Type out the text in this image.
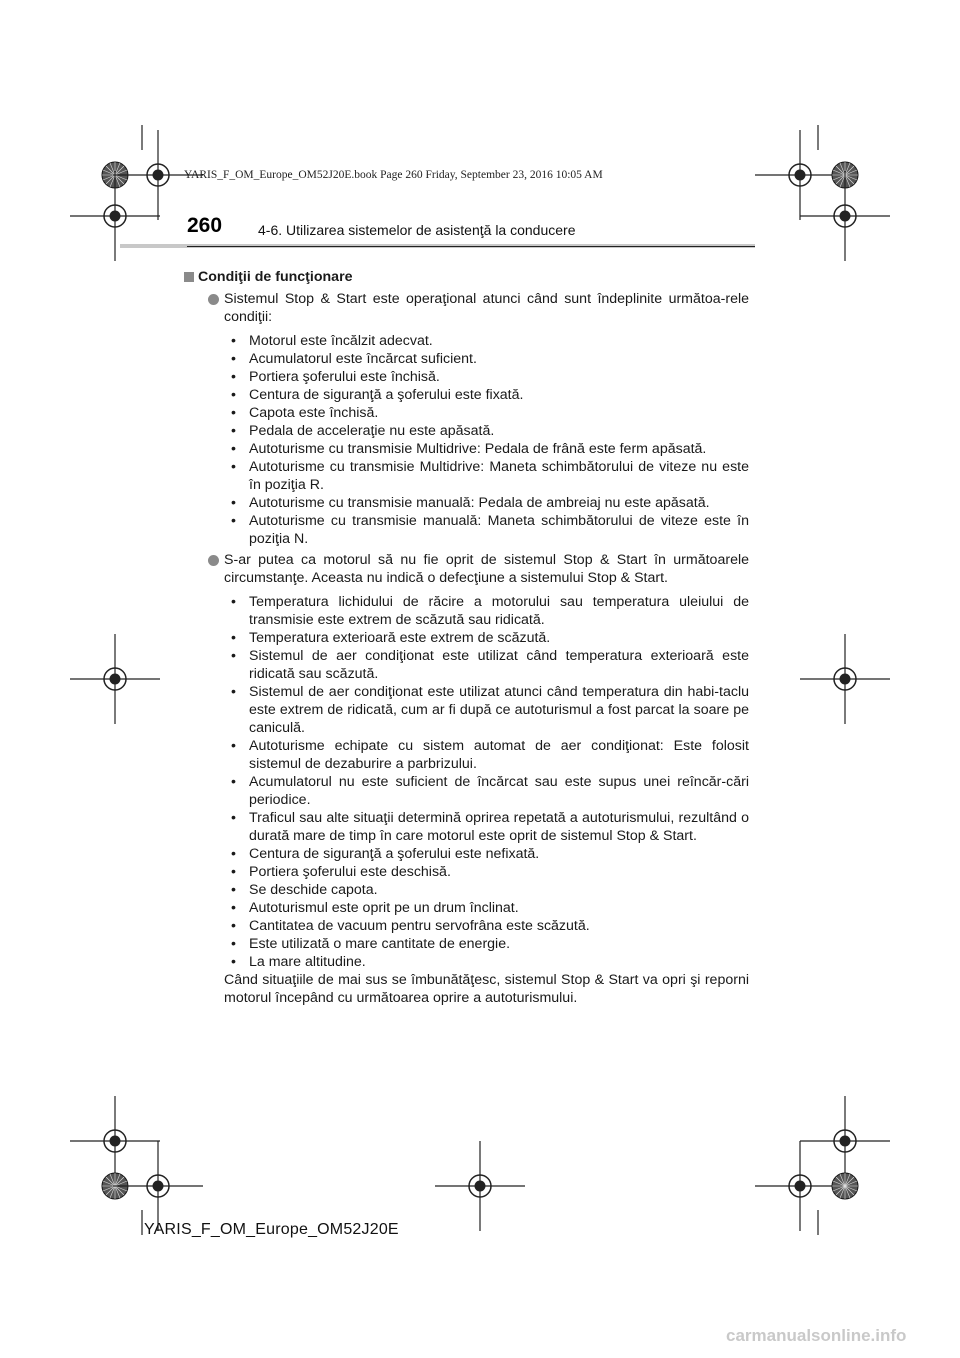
YARIS_F_OM_Europe_OM52J20E.book Page 260 Friday, September 23, 2016 10:05 AM
260	4-6. Utilizarea sistemelor de asistenţă la conducere
Condiţii de funcţionare
Sistemul Stop & Start este operaţional atunci când sunt îndeplinite următoa-rele condiţii:
• Motorul este încălzit adecvat.
• Acumulatorul este încărcat suficient.
• Portiera şoferului este închisă.
• Centura de siguranţă a şoferului este fixată.
• Capota este închisă.
• Pedala de acceleraţie nu este apăsată.
• Autoturisme cu transmisie Multidrive: Pedala de frână este ferm apăsată.
• Autoturisme cu transmisie Multidrive: Maneta schimbătorului de viteze nu este în poziţia R.
• Autoturisme cu transmisie manuală: Pedala de ambreiaj nu este apăsată.
• Autoturisme cu transmisie manuală: Maneta schimbătorului de viteze este în poziţia N.
S-ar putea ca motorul să nu fie oprit de sistemul Stop & Start în următoarele circumstanţe. Aceasta nu indică o defecţiune a sistemului Stop & Start.
• Temperatura lichidului de răcire a motorului sau temperatura uleiului de transmisie este extrem de scăzută sau ridicată.
• Temperatura exterioară este extrem de scăzută.
• Sistemul de aer condiţionat este utilizat când temperatura exterioară este ridicată sau scăzută.
• Sistemul de aer condiţionat este utilizat atunci când temperatura din habi-taclu este extrem de ridicată, cum ar fi după ce autoturismul a fost parcat la soare pe caniculă.
• Autoturisme echipate cu sistem automat de aer condiţionat: Este folosit sistemul de dezaburire a parbrizului.
• Acumulatorul nu este suficient de încărcat sau este supus unei reîncăr-cări periodice.
• Traficul sau alte situaţii determină oprirea repetată a autoturismului, rezultând o durată mare de timp în care motorul este oprit de sistemul Stop & Start.
• Centura de siguranţă a şoferului este nefixată.
• Portiera şoferului este deschisă.
• Se deschide capota.
• Autoturismul este oprit pe un drum înclinat.
• Cantitatea de vacuum pentru servofrâna este scăzută.
• Este utilizată o mare cantitate de energie.
• La mare altitudine.
Când situaţiile de mai sus se îmbunătăţesc, sistemul Stop & Start va opri şi reporni motorul începând cu următoarea oprire a autoturismului.
YARIS_F_OM_Europe_OM52J20E
carmanualsonline.info
